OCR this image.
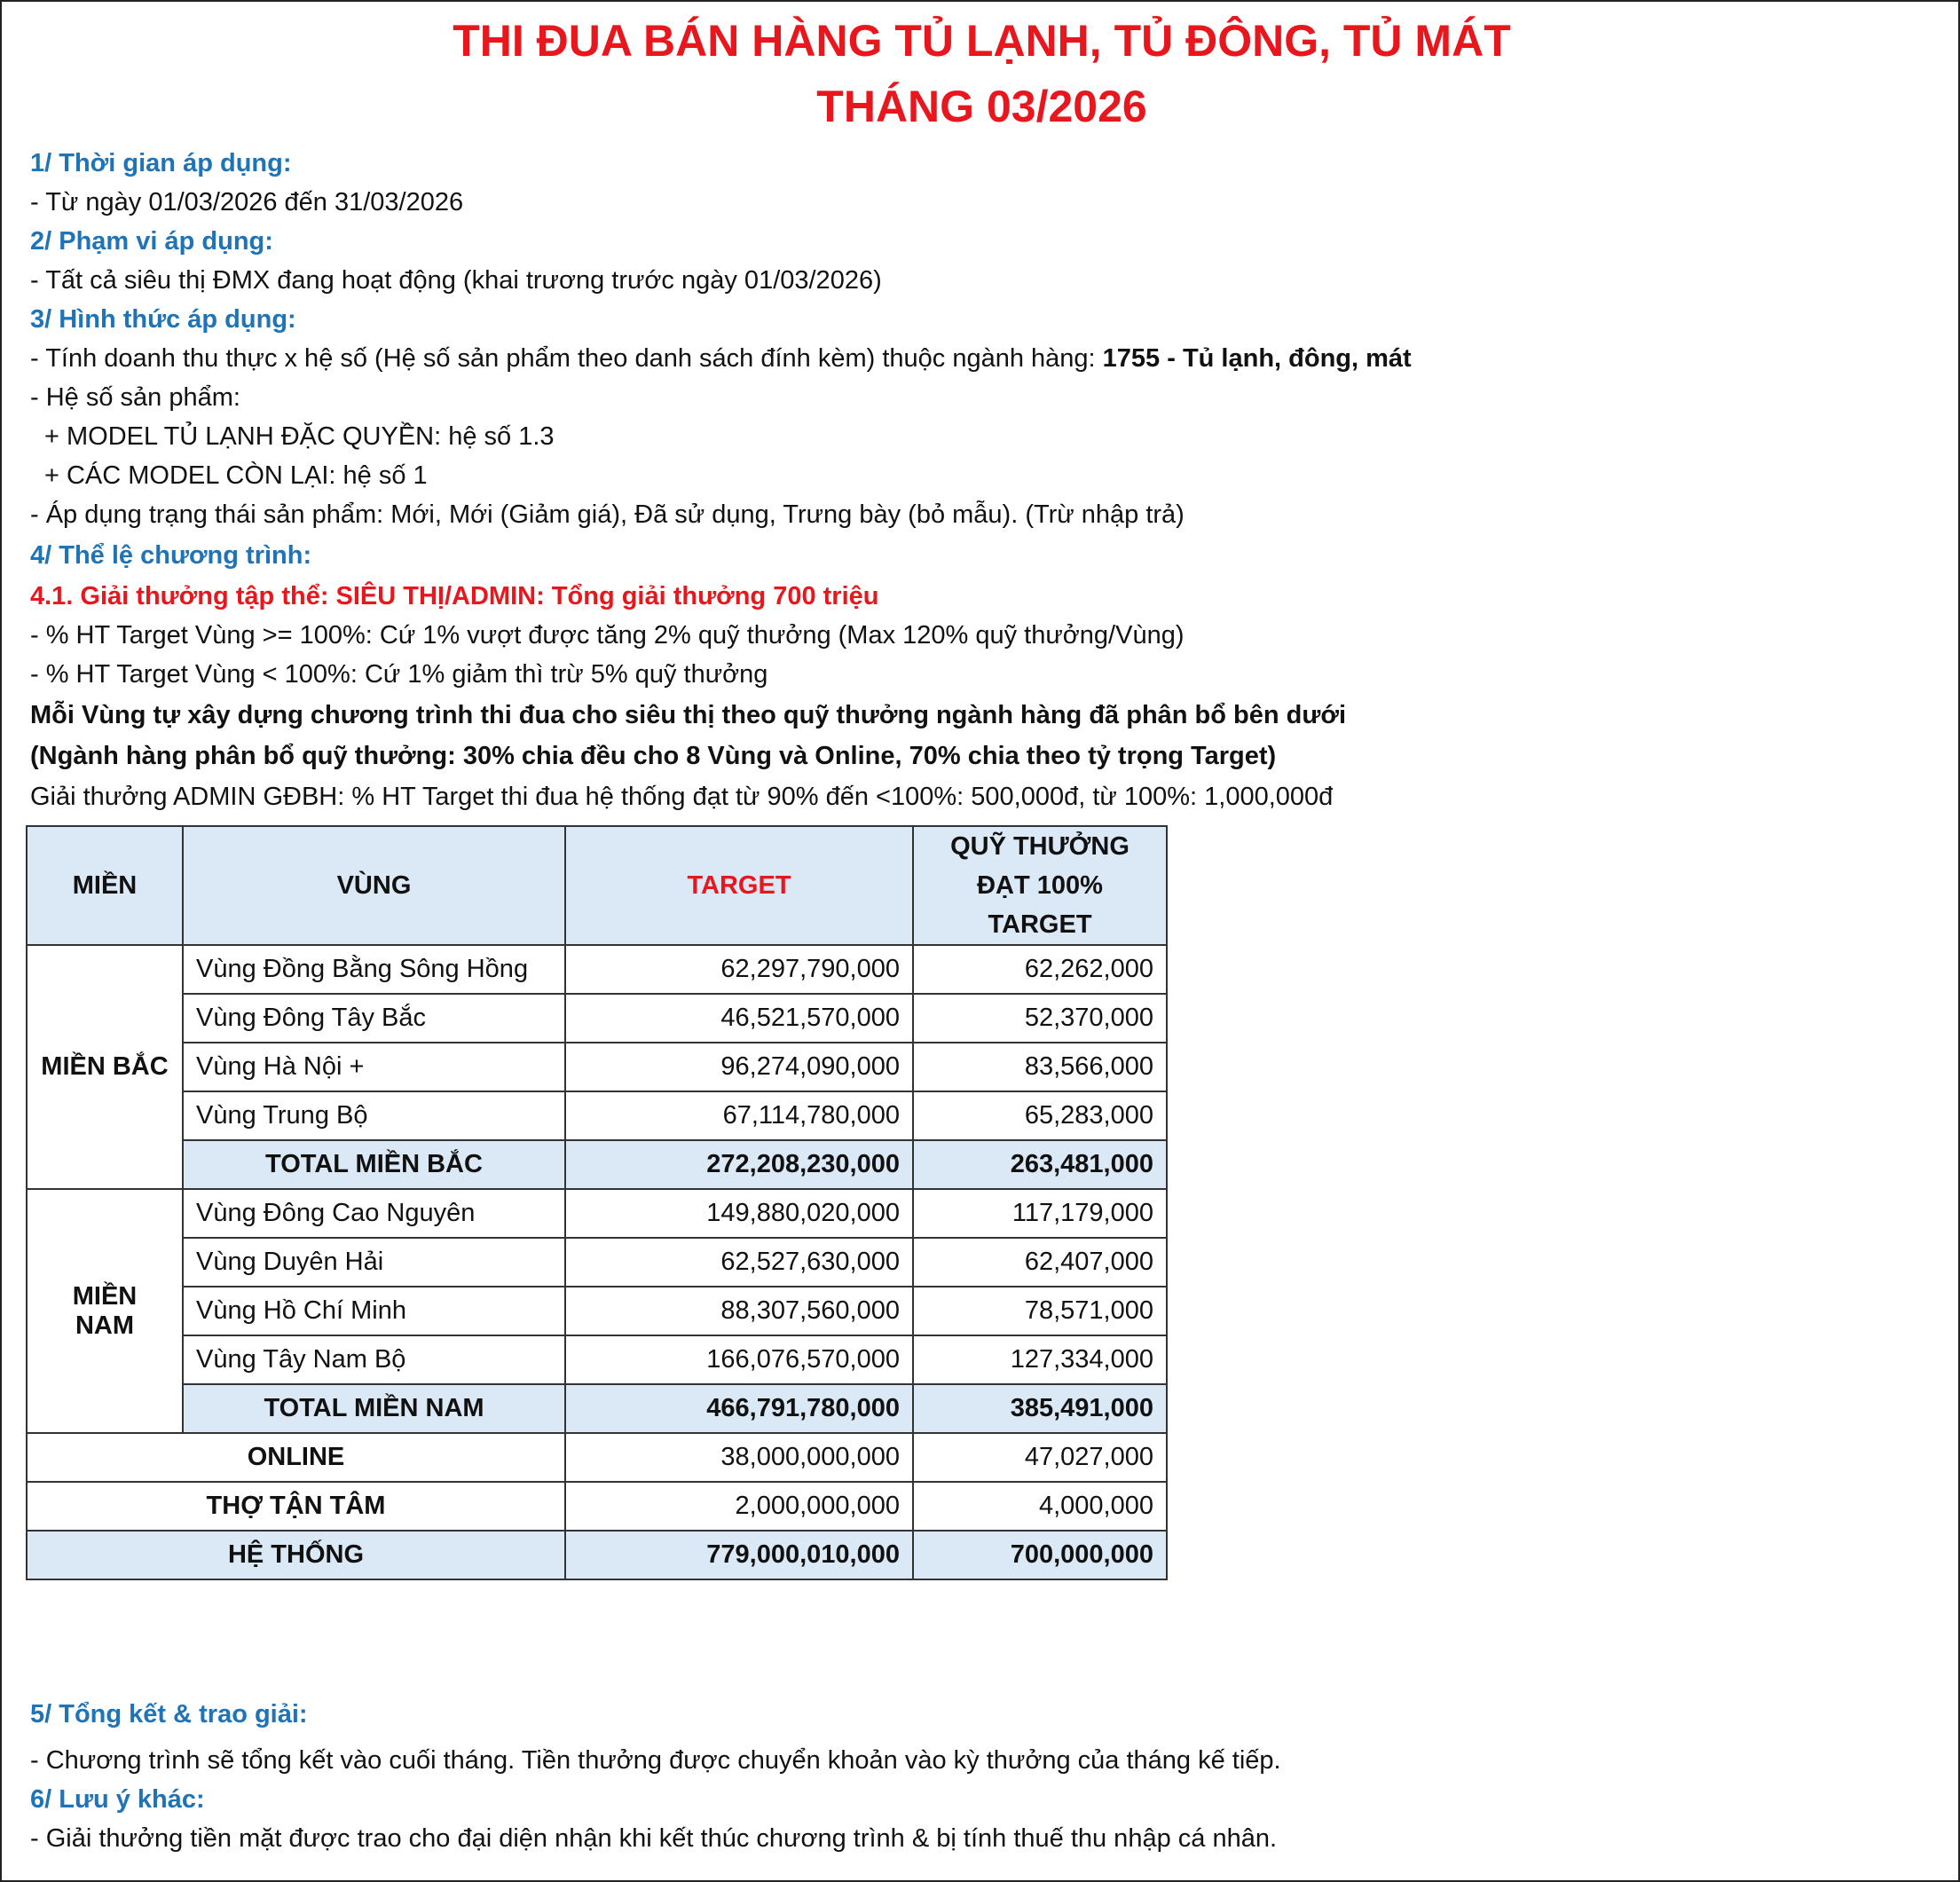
THI ĐUA BÁN HÀNG TỦ LẠNH, TỦ ĐÔNG, TỦ MÁT
THÁNG 03/2026
1/ Thời gian áp dụng:
- Từ ngày 01/03/2026 đến 31/03/2026
2/ Phạm vi áp dụng:
- Tất cả siêu thị ĐMX đang hoạt động (khai trương trước ngày 01/03/2026)
3/ Hình thức áp dụng:
- Tính doanh thu thực x hệ số (Hệ số sản phẩm theo danh sách đính kèm) thuộc ngành hàng: 1755 - Tủ lạnh, đông, mát
- Hệ số sản phẩm:
+ MODEL TỦ LẠNH ĐẶC QUYỀN: hệ số 1.3
+ CÁC MODEL CÒN LẠI: hệ số 1
- Áp dụng trạng thái sản phẩm: Mới, Mới (Giảm giá), Đã sử dụng, Trưng bày (bỏ mẫu). (Trừ nhập trả)
4/ Thể lệ chương trình:
4.1. Giải thưởng tập thể: SIÊU THỊ/ADMIN: Tổng giải thưởng 700 triệu
- % HT Target Vùng >= 100%: Cứ 1% vượt được tăng 2% quỹ thưởng (Max 120% quỹ thưởng/Vùng)
- % HT Target Vùng < 100%: Cứ 1% giảm thì trừ 5% quỹ thưởng
Mỗi Vùng tự xây dựng chương trình thi đua cho siêu thị theo quỹ thưởng ngành hàng đã phân bổ bên dưới
(Ngành hàng phân bổ quỹ thưởng: 30% chia đều cho 8 Vùng và Online, 70% chia theo tỷ trọng Target)
Giải thưởng ADMIN GĐBH: % HT Target thi đua hệ thống đạt từ 90% đến <100%: 500,000đ, từ 100%: 1,000,000đ
MIỀN	VÙNG	TARGET	QUỸ THƯỞNG
ĐẠT 100% TARGET

MIỀN BẮC	Vùng Đồng Bằng Sông Hồng	62,297,790,000	62,262,000
	Vùng Đông Tây Bắc	46,521,570,000	52,370,000
	Vùng Hà Nội +	96,274,090,000	83,566,000
	Vùng Trung Bộ	67,114,780,000	65,283,000
	TOTAL MIỀN BẮC	272,208,230,000	263,481,000
MIỀN NAM	Vùng Đông Cao Nguyên	149,880,020,000	117,179,000
	Vùng Duyên Hải	62,527,630,000	62,407,000
	Vùng Hồ Chí Minh	88,307,560,000	78,571,000
	Vùng Tây Nam Bộ	166,076,570,000	127,334,000
	TOTAL MIỀN NAM	466,791,780,000	385,491,000
ONLINE		38,000,000,000	47,027,000
THỢ TẬN TÂM		2,000,000,000	4,000,000
HỆ THỐNG		779,000,010,000	700,000,000
5/ Tổng kết & trao giải:
- Chương trình sẽ tổng kết vào cuối tháng. Tiền thưởng được chuyển khoản vào kỳ thưởng của tháng kế tiếp.
6/ Lưu ý khác:
- Giải thưởng tiền mặt được trao cho đại diện nhận khi kết thúc chương trình & bị tính thuế thu nhập cá nhân.
